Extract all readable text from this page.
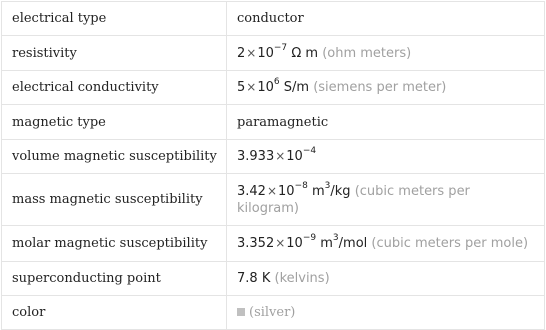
electrical type	conductor
resistivity	$2\times 10^{-7}$ Ω m (ohm meters)
electrical conductivity	$5\times 10^6$ S/m (siemens per meter)
magnetic type	paramagnetic
volume magnetic susceptibility	$3.933\times 10^{-4}$
mass magnetic susceptibility	$3.42\times 10^{-8}$ $m^3/kg$ (cubic meters per kilogram)
molar magnetic susceptibility	$3.352\times 10^{-9}$ $m^3$/mol (cubic meters per mole)
superconducting point	7.8 K (kelvins)
color	(silver)
